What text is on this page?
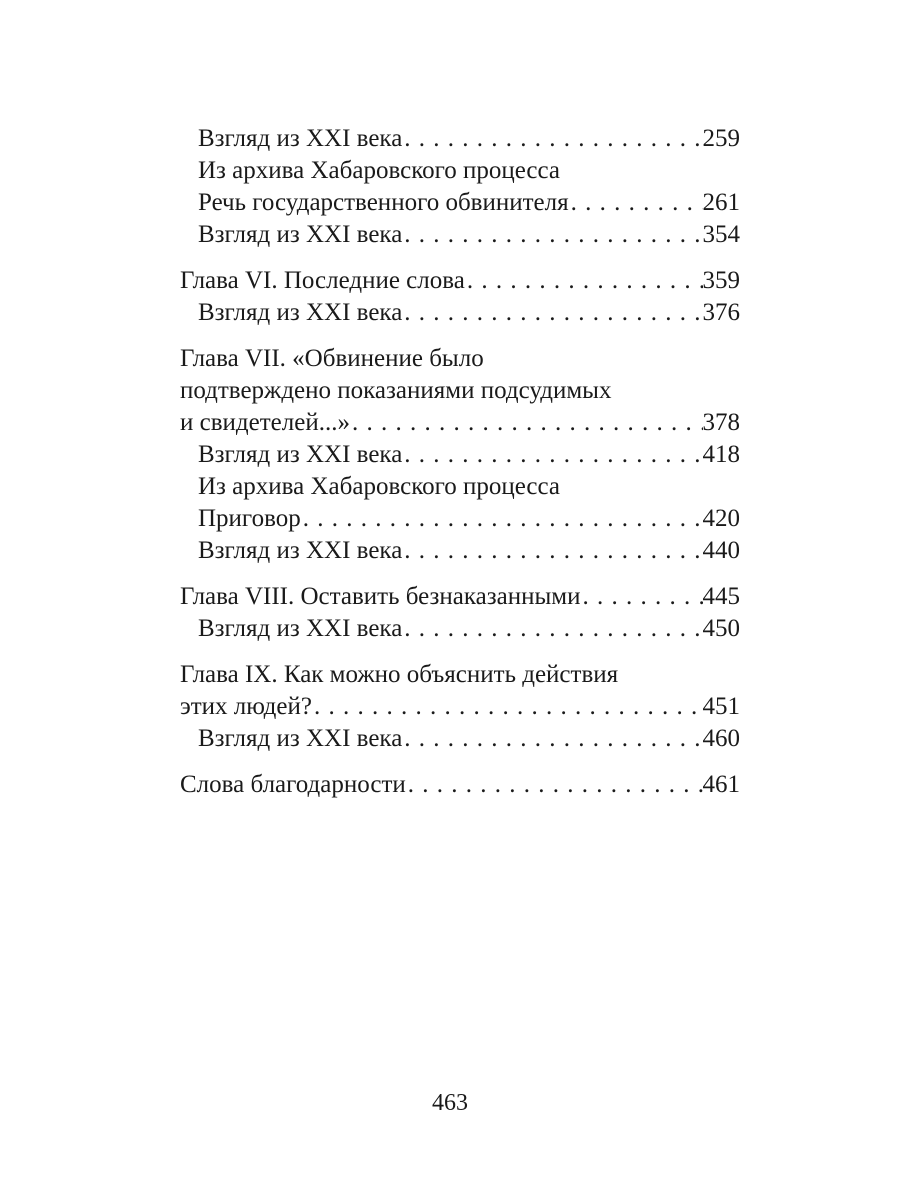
Взгляд из XXI века . . .	259
Из архива Хабаровского процесса
Речь государственного обвинителя . . .	261
Взгляд из XXI века . . .	354
Глава VI. Последние слова . . .	359
Взгляд из XXI века . . .	376
Глава VII. «Обвинение было
подтверждено показаниями подсудимых
и свидетелей...» . . .	378
Взгляд из XXI века . . .	418
Из архива Хабаровского процесса
Приговор . . .	420
Взгляд из XXI века . . .	440
Глава VIII. Оставить безнаказанными . . .	445
Взгляд из XXI века . . .	450
Глава IX. Как можно объяснить действия
этих людей? . . .	451
Взгляд из XXI века . . .	460
Слова благодарности . . .	461
463
